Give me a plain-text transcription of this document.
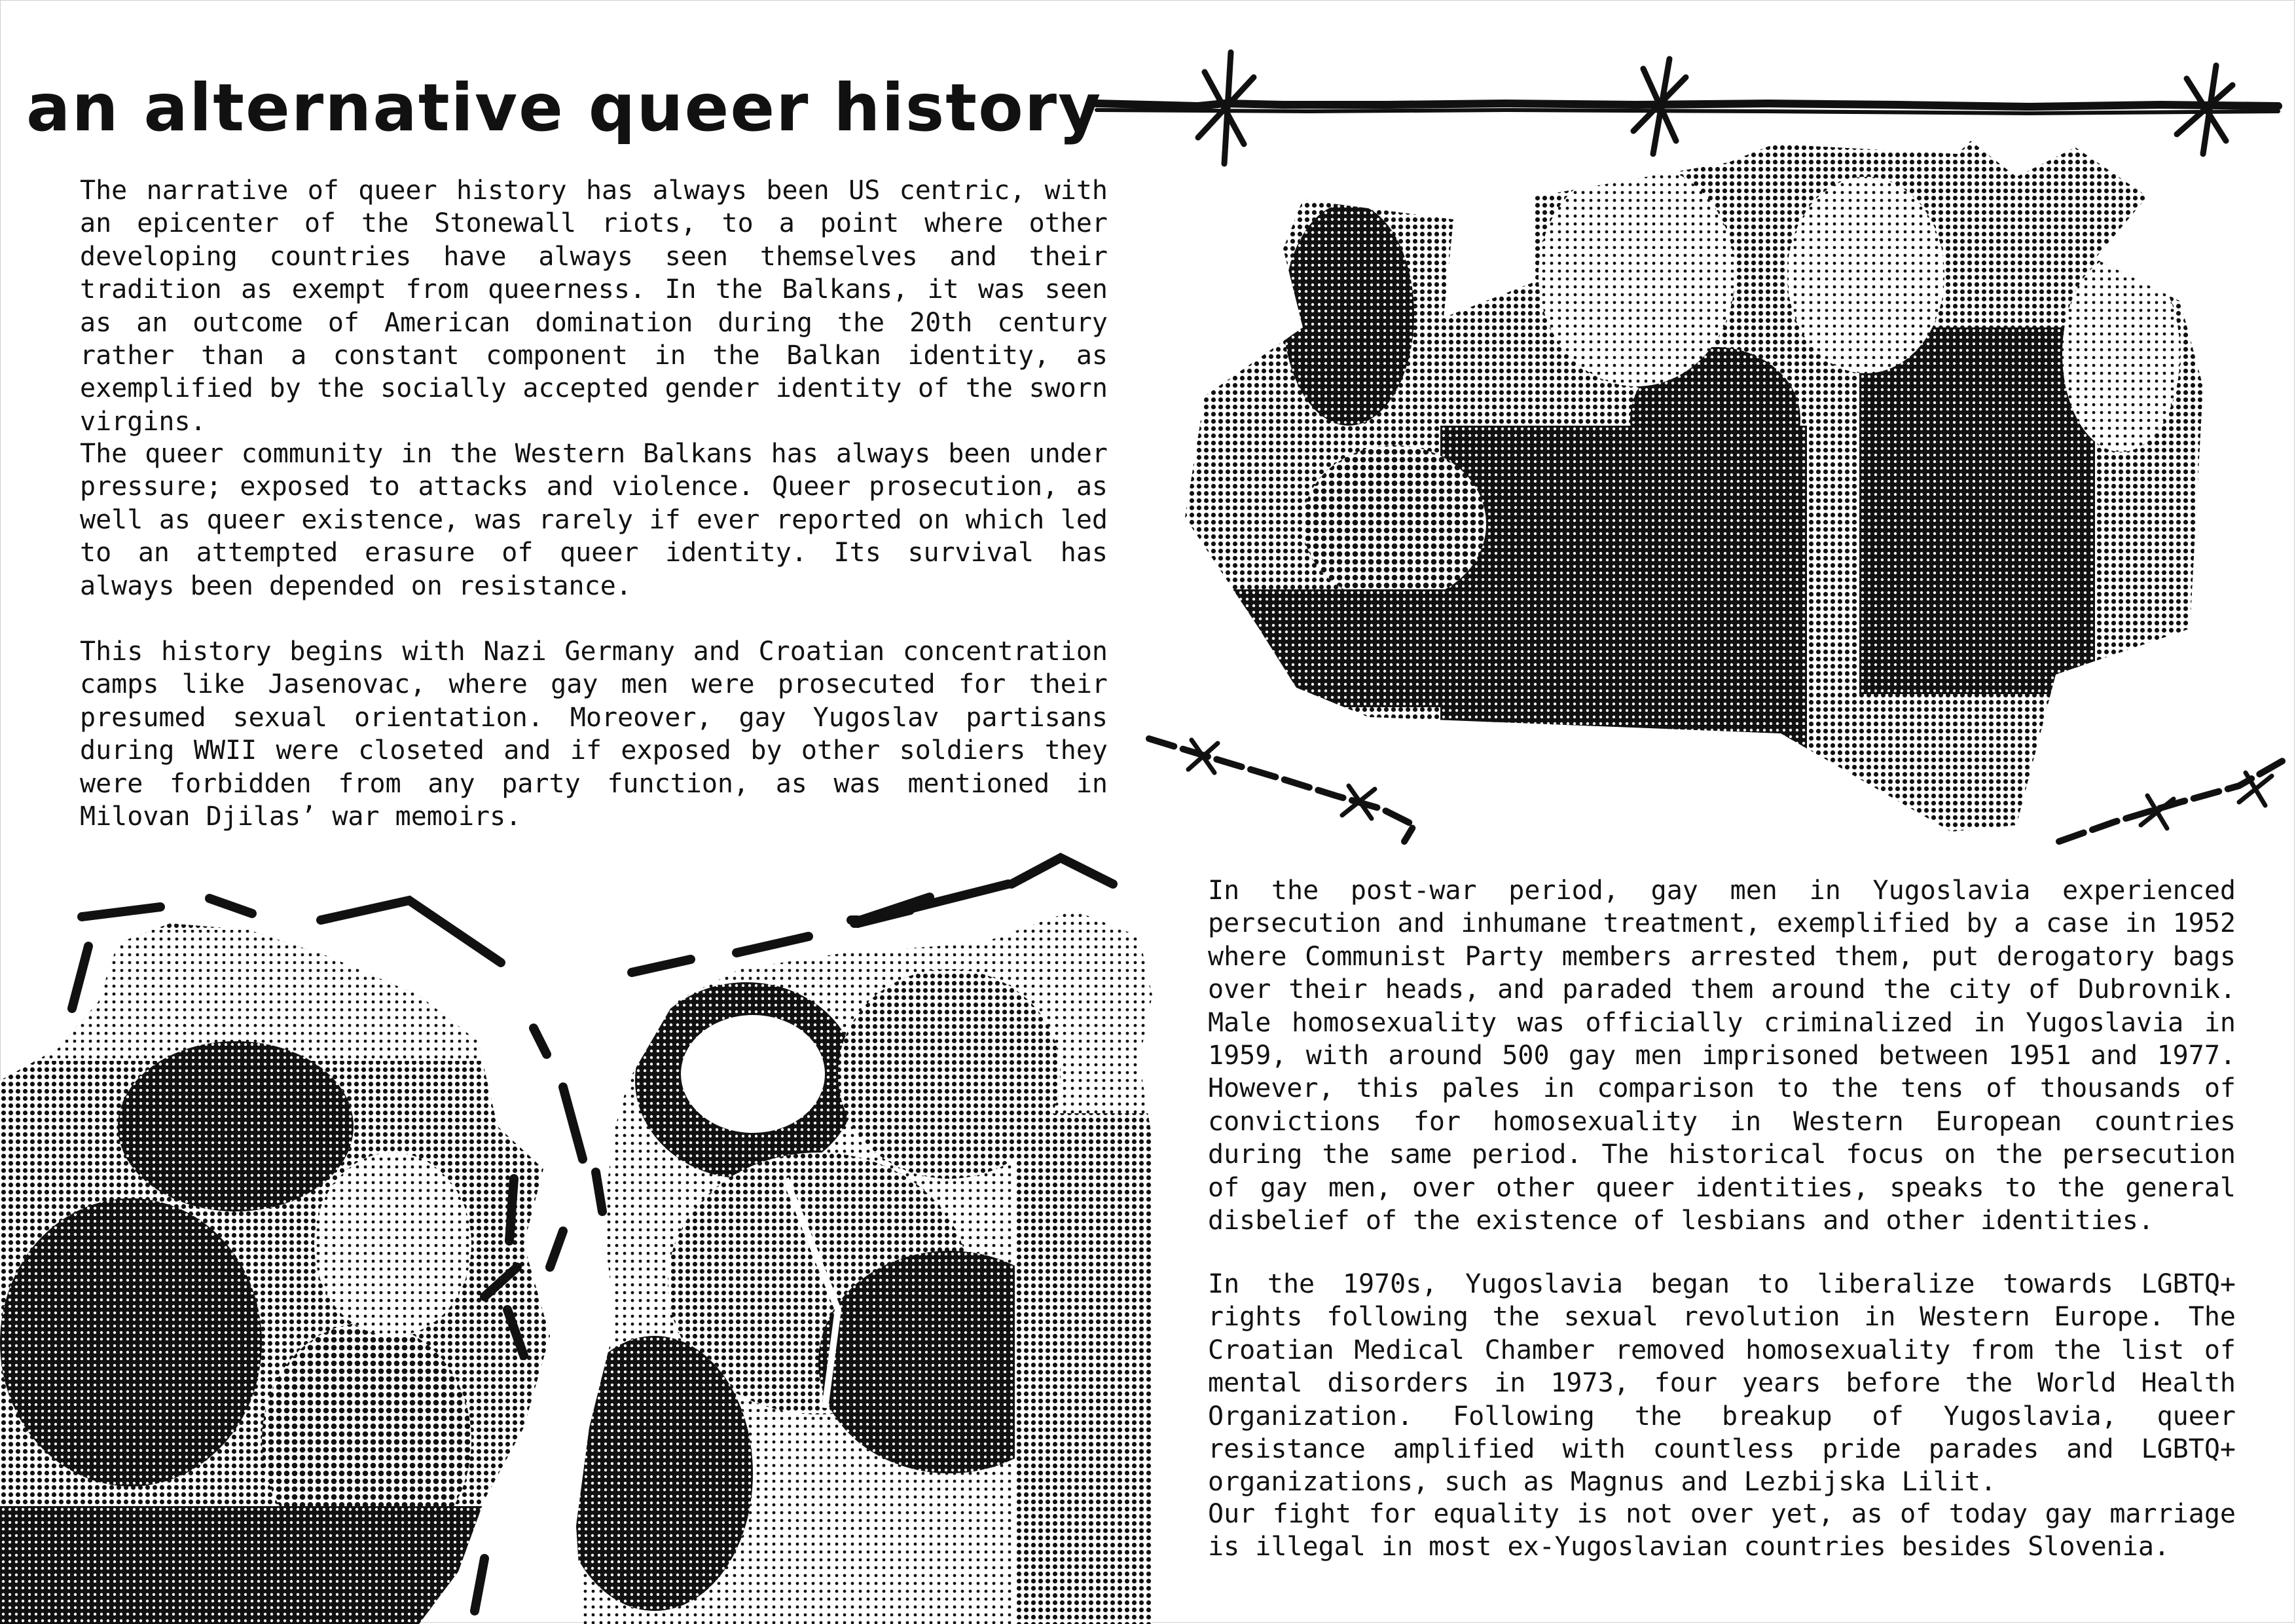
an alternative queer history

The narrative of queer history has always been US centric, with an epicenter of the Stonewall riots, to a point where other developing countries have always seen themselves and their tradition as exempt from queerness. In the Balkans, it was seen as an outcome of American domination during the 20th century rather than a constant component in the Balkan identity, as exemplified by the socially accepted gender identity of the sworn virgins.

The queer community in the Western Balkans has always been under pressure; exposed to attacks and violence. Queer prosecution, as well as queer existence, was rarely if ever reported on which led to an attempted erasure of queer identity. Its survival has always been depended on resistance.

This history begins with Nazi Germany and Croatian concentration camps like Jasenovac, where gay men were prosecuted for their presumed sexual orientation. Moreover, gay Yugoslav partisans during WWII were closeted and if exposed by other soldiers they were forbidden from any party function, as was mentioned in Milovan Djilas’ war memoirs.

In the post-war period, gay men in Yugoslavia experienced persecution and inhumane treatment, exemplified by a case in 1952 where Communist Party members arrested them, put derogatory bags over their heads, and paraded them around the city of Dubrovnik. Male homosexuality was officially criminalized in Yugoslavia in 1959, with around 500 gay men imprisoned between 1951 and 1977. However, this pales in comparison to the tens of thousands of convictions for homosexuality in Western European countries during the same period. The historical focus on the persecution of gay men, over other queer identities, speaks to the general disbelief of the existence of lesbians and other identities.

In the 1970s, Yugoslavia began to liberalize towards LGBTQ+ rights following the sexual revolution in Western Europe. The Croatian Medical Chamber removed homosexuality from the list of mental disorders in 1973, four years before the World Health Organization. Following the breakup of Yugoslavia, queer resistance amplified with countless pride parades and LGBTQ+ organizations, such as Magnus and Lezbijska Lilit.

Our fight for equality is not over yet, as of today gay marriage is illegal in most ex-Yugoslavian countries besides Slovenia.
